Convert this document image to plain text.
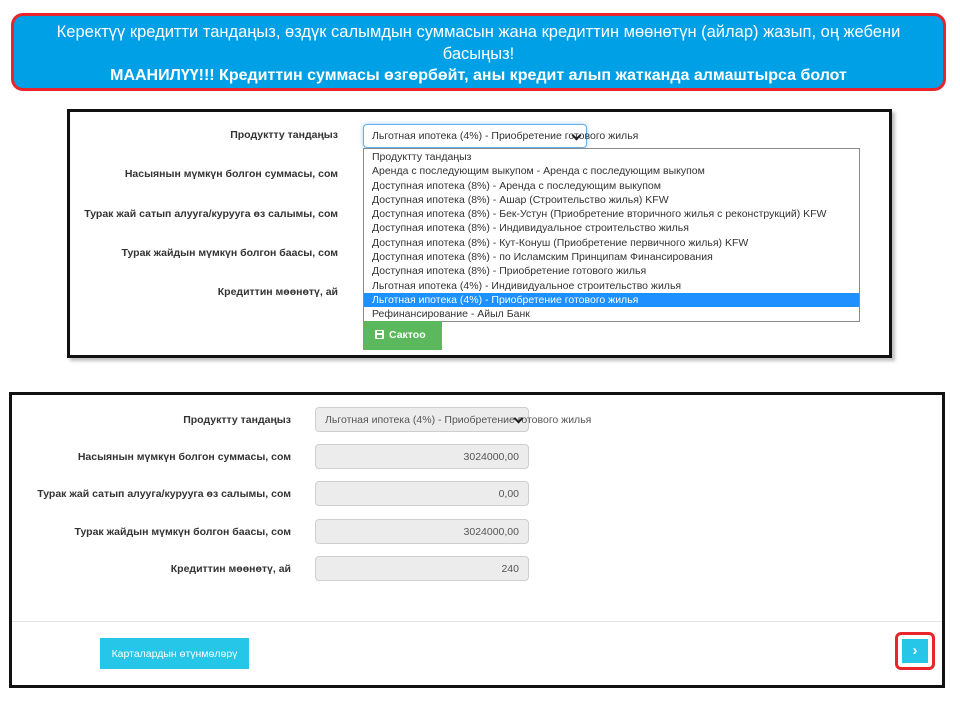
Керектүү кредитти тандаңыз, өздүк салымдын суммасын жана кредиттин мөөнөтүн (айлар) жазып, оң жебени басыңыз!
МААНИЛҮҮ!!! Кредиттин суммасы өзгөрбөйт, аны кредит алып жатканда алмаштырса болот
Продуктту тандаңыз
Насыянын мүмкүн болгон суммасы, сом
Турак жай сатып алууга/курууга өз салымы, сом
Турак жайдын мүмкүн болгон баасы, сом
Кредиттин мөөнөтү, ай
Льготная ипотека (4%) - Приобретение готового жилья
Продуктту тандаңыз
Аренда с последующим выкупом - Аренда с последующим выкупом
Доступная ипотека (8%) - Аренда с последующим выкупом
Доступная ипотека (8%) - Ашар (Строительство жилья) KFW
Доступная ипотека (8%) - Бек-Устун (Приобретение вторичного жилья с реконструкций) KFW
Доступная ипотека (8%) - Индивидуальное строительство жилья
Доступная ипотека (8%) - Кут-Конуш (Приобретение первичного жилья) KFW
Доступная ипотека (8%) - по Исламским Принципам Финансирования
Доступная ипотека (8%) - Приобретение готового жилья
Льготная ипотека (4%) - Индивидуальное строительство жилья
Льготная ипотека (4%) - Приобретение готового жилья
Рефинансирование - Айыл Банк
Сактоо
Продуктту тандаңыз
Насыянын мүмкүн болгон суммасы, сом
Турак жай сатып алууга/курууга өз салымы, сом
Турак жайдын мүмкүн болгон баасы, сом
Кредиттин мөөнөтү, ай
Льготная ипотека (4%) - Приобретение готового жилья
3024000,00
0,00
3024000,00
240
Карталардын өтүнмөлөрү	›
